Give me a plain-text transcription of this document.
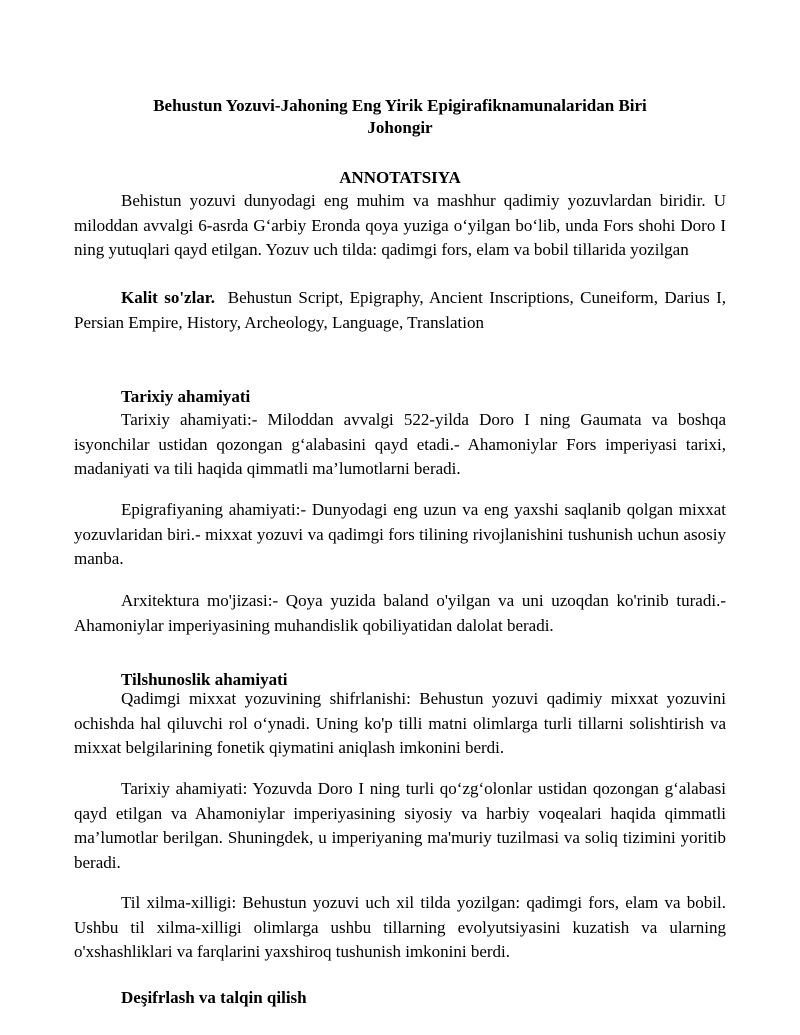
Behustun Yozuvi-Jahoning Eng Yirik Epigirafiknamunalaridan Biri
Johongir
ANNOTATSIYA
Behistun yozuvi dunyodagi eng muhim va mashhur qadimiy yozuvlardan biridir. U miloddan avvalgi 6-asrda G‘arbiy Eronda qoya yuziga o‘yilgan bo‘lib, unda Fors shohi Doro I ning yutuqlari qayd etilgan. Yozuv uch tilda: qadimgi fors, elam va bobil tillarida yozilgan
Kalit so'zlar. Behustun Script, Epigraphy, Ancient Inscriptions, Cuneiform, Darius I, Persian Empire, History, Archeology, Language, Translation
Tarixiy ahamiyati
Tarixiy ahamiyati:- Miloddan avvalgi 522-yilda Doro I ning Gaumata va boshqa isyonchilar ustidan qozongan g‘alabasini qayd etadi.- Ahamoniylar Fors imperiyasi tarixi, madaniyati va tili haqida qimmatli ma’lumotlarni beradi.
Epigrafiyaning ahamiyati:- Dunyodagi eng uzun va eng yaxshi saqlanib qolgan mixxat yozuvlaridan biri.- mixxat yozuvi va qadimgi fors tilining rivojlanishini tushunish uchun asosiy manba.
Arxitektura mo'jizasi:- Qoya yuzida baland o'yilgan va uni uzoqdan ko'rinib turadi.- Ahamoniylar imperiyasining muhandislik qobiliyatidan dalolat beradi.
Tilshunoslik ahamiyati
Qadimgi mixxat yozuvining shifrlanishi: Behustun yozuvi qadimiy mixxat yozuvini ochishda hal qiluvchi rol o‘ynadi. Uning ko'p tilli matni olimlarga turli tillarni solishtirish va mixxat belgilarining fonetik qiymatini aniqlash imkonini berdi.
Tarixiy ahamiyati: Yozuvda Doro I ning turli qo‘zg‘olonlar ustidan qozongan g‘alabasi qayd etilgan va Ahamoniylar imperiyasining siyosiy va harbiy voqealari haqida qimmatli ma’lumotlar berilgan. Shuningdek, u imperiyaning ma'muriy tuzilmasi va soliq tizimini yoritib beradi.
Til xilma-xilligi: Behustun yozuvi uch xil tilda yozilgan: qadimgi fors, elam va bobil. Ushbu til xilma-xilligi olimlarga ushbu tillarning evolyutsiyasini kuzatish va ularning o'xshashliklari va farqlarini yaxshiroq tushunish imkonini berdi.
Deşifrlash va talqin qilish
